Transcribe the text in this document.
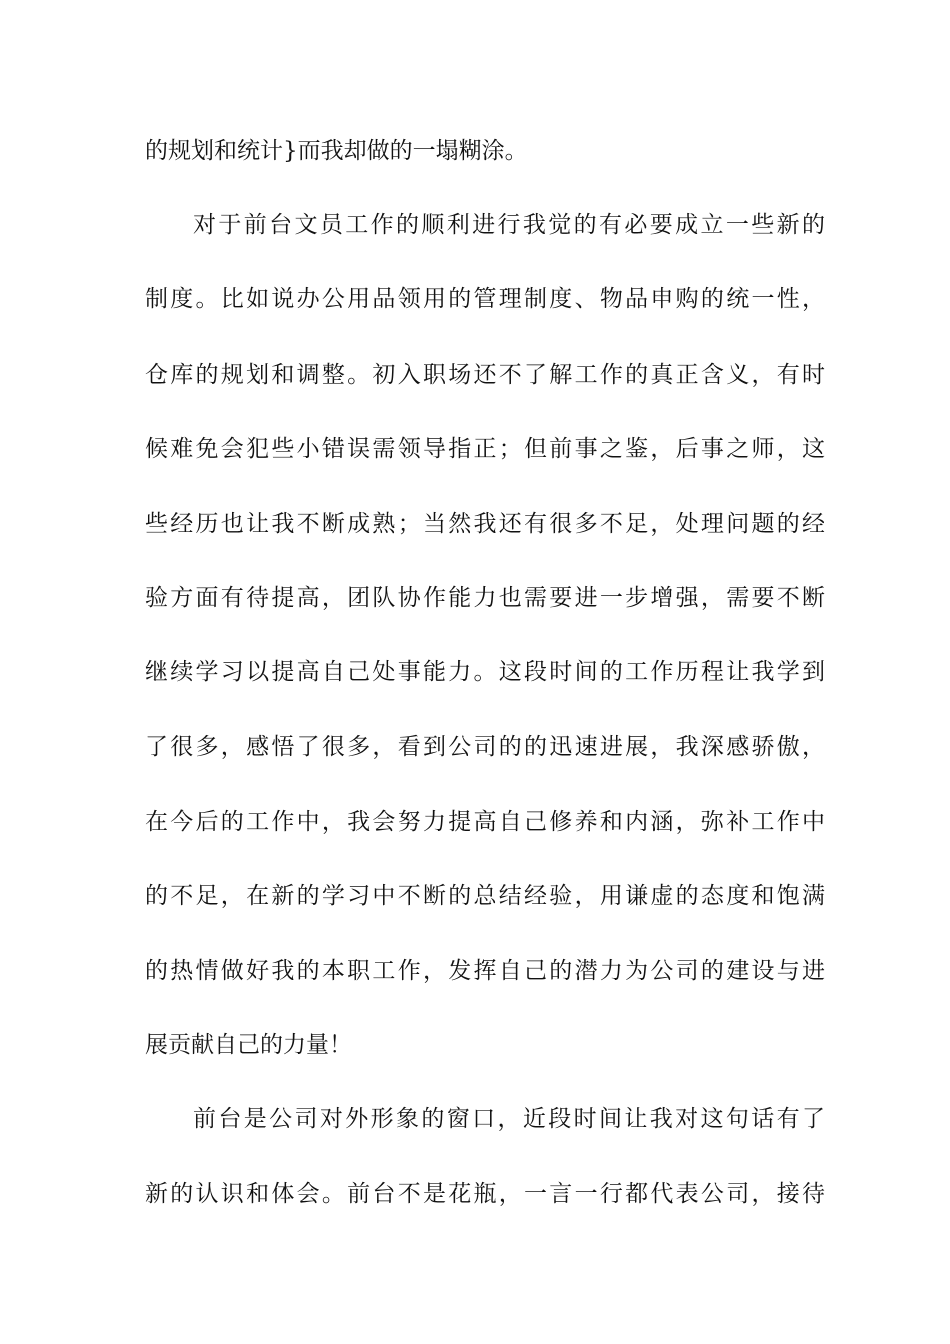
的规划和统计}而我却做的一塌糊涂。
对于前台文员工作的顺利进行我觉的有必要成立一些新的
制度。比如说办公用品领用的管理制度、物品申购的统一性，
仓库的规划和调整。初入职场还不了解工作的真正含义，有时
候难免会犯些小错误需领导指正；但前事之鉴，后事之师，这
些经历也让我不断成熟；当然我还有很多不足，处理问题的经
验方面有待提高，团队协作能力也需要进一步增强，需要不断
继续学习以提高自己处事能力。这段时间的工作历程让我学到
了很多，感悟了很多，看到公司的的迅速进展，我深感骄傲，
在今后的工作中，我会努力提高自己修养和内涵，弥补工作中
的不足，在新的学习中不断的总结经验，用谦虚的态度和饱满
的热情做好我的本职工作，发挥自己的潜力为公司的建设与进
展贡献自己的力量！
前台是公司对外形象的窗口，近段时间让我对这句话有了
新的认识和体会。前台不是花瓶，一言一行都代表公司，接待
